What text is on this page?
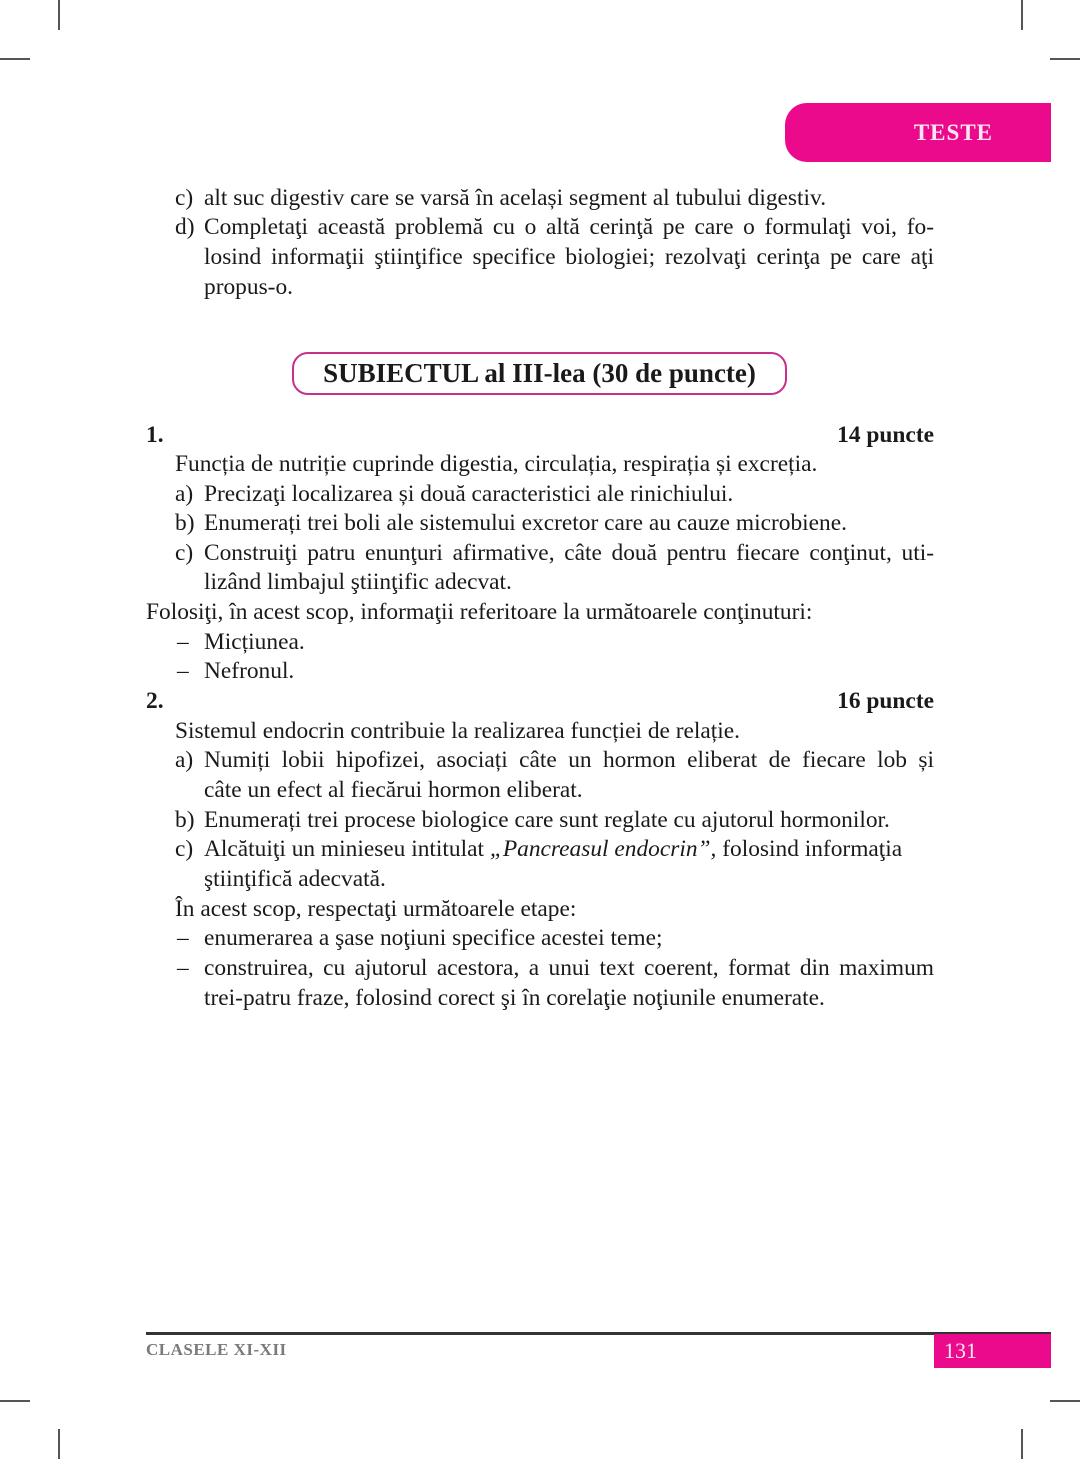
TESTE
c) alt suc digestiv care se varsă în același segment al tubului digestiv.
d) Completaţi această problemă cu o altă cerinţă pe care o formulaţi voi, fo-
losind informaţii ştiinţifice specifice biologiei; rezolvaţi cerinţa pe care aţi
propus-o.
SUBIECTUL al III-lea (30 de puncte)
1.	14 puncte
Funcția de nutriție cuprinde digestia, circulația, respirația și excreția.
a) Precizaţi localizarea și două caracteristici ale rinichiului.
b) Enumerați trei boli ale sistemului excretor care au cauze microbiene.
c) Construiţi patru enunţuri afirmative, câte două pentru fiecare conţinut, uti-
lizând limbajul ştiinţific adecvat.
Folosiţi, în acest scop, informaţii referitoare la următoarele conţinuturi:
– Micțiunea.
– Nefronul.
2.	16 puncte
Sistemul endocrin contribuie la realizarea funcției de relație.
a) Numiți lobii hipofizei, asociați câte un hormon eliberat de fiecare lob și
câte un efect al fiecărui hormon eliberat.
b) Enumerați trei procese biologice care sunt reglate cu ajutorul hormonilor.
c) Alcătuiţi un minieseu intitulat „Pancreasul endocrin”, folosind informaţia
ştiinţifică adecvată.
În acest scop, respectaţi următoarele etape:
– enumerarea a şase noţiuni specifice acestei teme;
– construirea, cu ajutorul acestora, a unui text coerent, format din maximum
trei-patru fraze, folosind corect şi în corelaţie noţiunile enumerate.
CLASELE XI-XII	131
